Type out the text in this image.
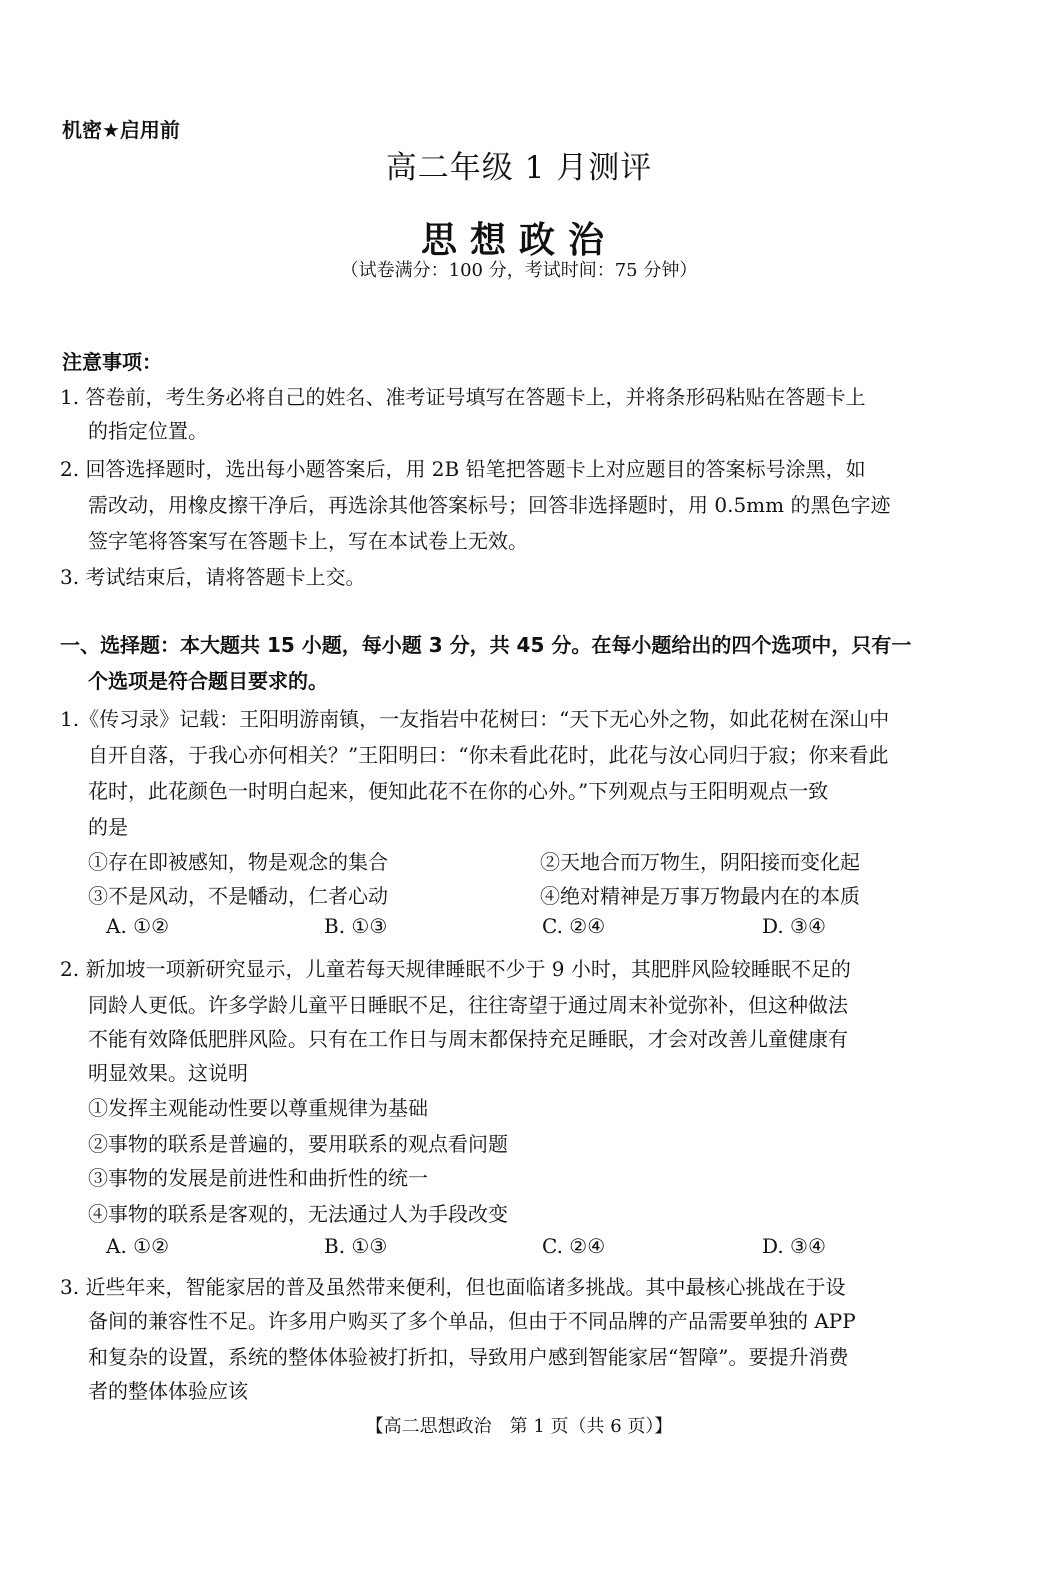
机密★启用前
高二年级 1 月测评
思想政治
（试卷满分：100 分，考试时间：75 分钟）
注意事项：
1. 答卷前，考生务必将自己的姓名、准考证号填写在答题卡上，并将条形码粘贴在答题卡上
的指定位置。
2. 回答选择题时，选出每小题答案后，用 2B 铅笔把答题卡上对应题目的答案标号涂黑，如
需改动，用橡皮擦干净后，再选涂其他答案标号；回答非选择题时，用 0.5mm 的黑色字迹
签字笔将答案写在答题卡上，写在本试卷上无效。
3. 考试结束后，请将答题卡上交。
一、选择题：本大题共 15 小题，每小题 3 分，共 45 分。在每小题给出的四个选项中，只有一
个选项是符合题目要求的。
1.《传习录》记载：王阳明游南镇，一友指岩中花树曰：“天下无心外之物，如此花树在深山中
自开自落，于我心亦何相关？”王阳明曰：“你未看此花时，此花与汝心同归于寂；你来看此
花时，此花颜色一时明白起来，便知此花不在你的心外。”下列观点与王阳明观点一致
的是
①存在即被感知，物是观念的集合	②天地合而万物生，阴阳接而变化起
③不是风动，不是幡动，仁者心动	④绝对精神是万事万物最内在的本质
A. ①②	B. ①③	C. ②④	D. ③④
2. 新加坡一项新研究显示，儿童若每天规律睡眠不少于 9 小时，其肥胖风险较睡眠不足的
同龄人更低。许多学龄儿童平日睡眠不足，往往寄望于通过周末补觉弥补，但这种做法
不能有效降低肥胖风险。只有在工作日与周末都保持充足睡眠，才会对改善儿童健康有
明显效果。这说明
①发挥主观能动性要以尊重规律为基础
②事物的联系是普遍的，要用联系的观点看问题
③事物的发展是前进性和曲折性的统一
④事物的联系是客观的，无法通过人为手段改变
A. ①②	B. ①③	C. ②④	D. ③④
3. 近些年来，智能家居的普及虽然带来便利，但也面临诸多挑战。其中最核心挑战在于设
备间的兼容性不足。许多用户购买了多个单品，但由于不同品牌的产品需要单独的 APP
和复杂的设置，系统的整体体验被打折扣，导致用户感到智能家居“智障”。要提升消费
者的整体体验应该
【高二思想政治　第 1 页（共 6 页）】
